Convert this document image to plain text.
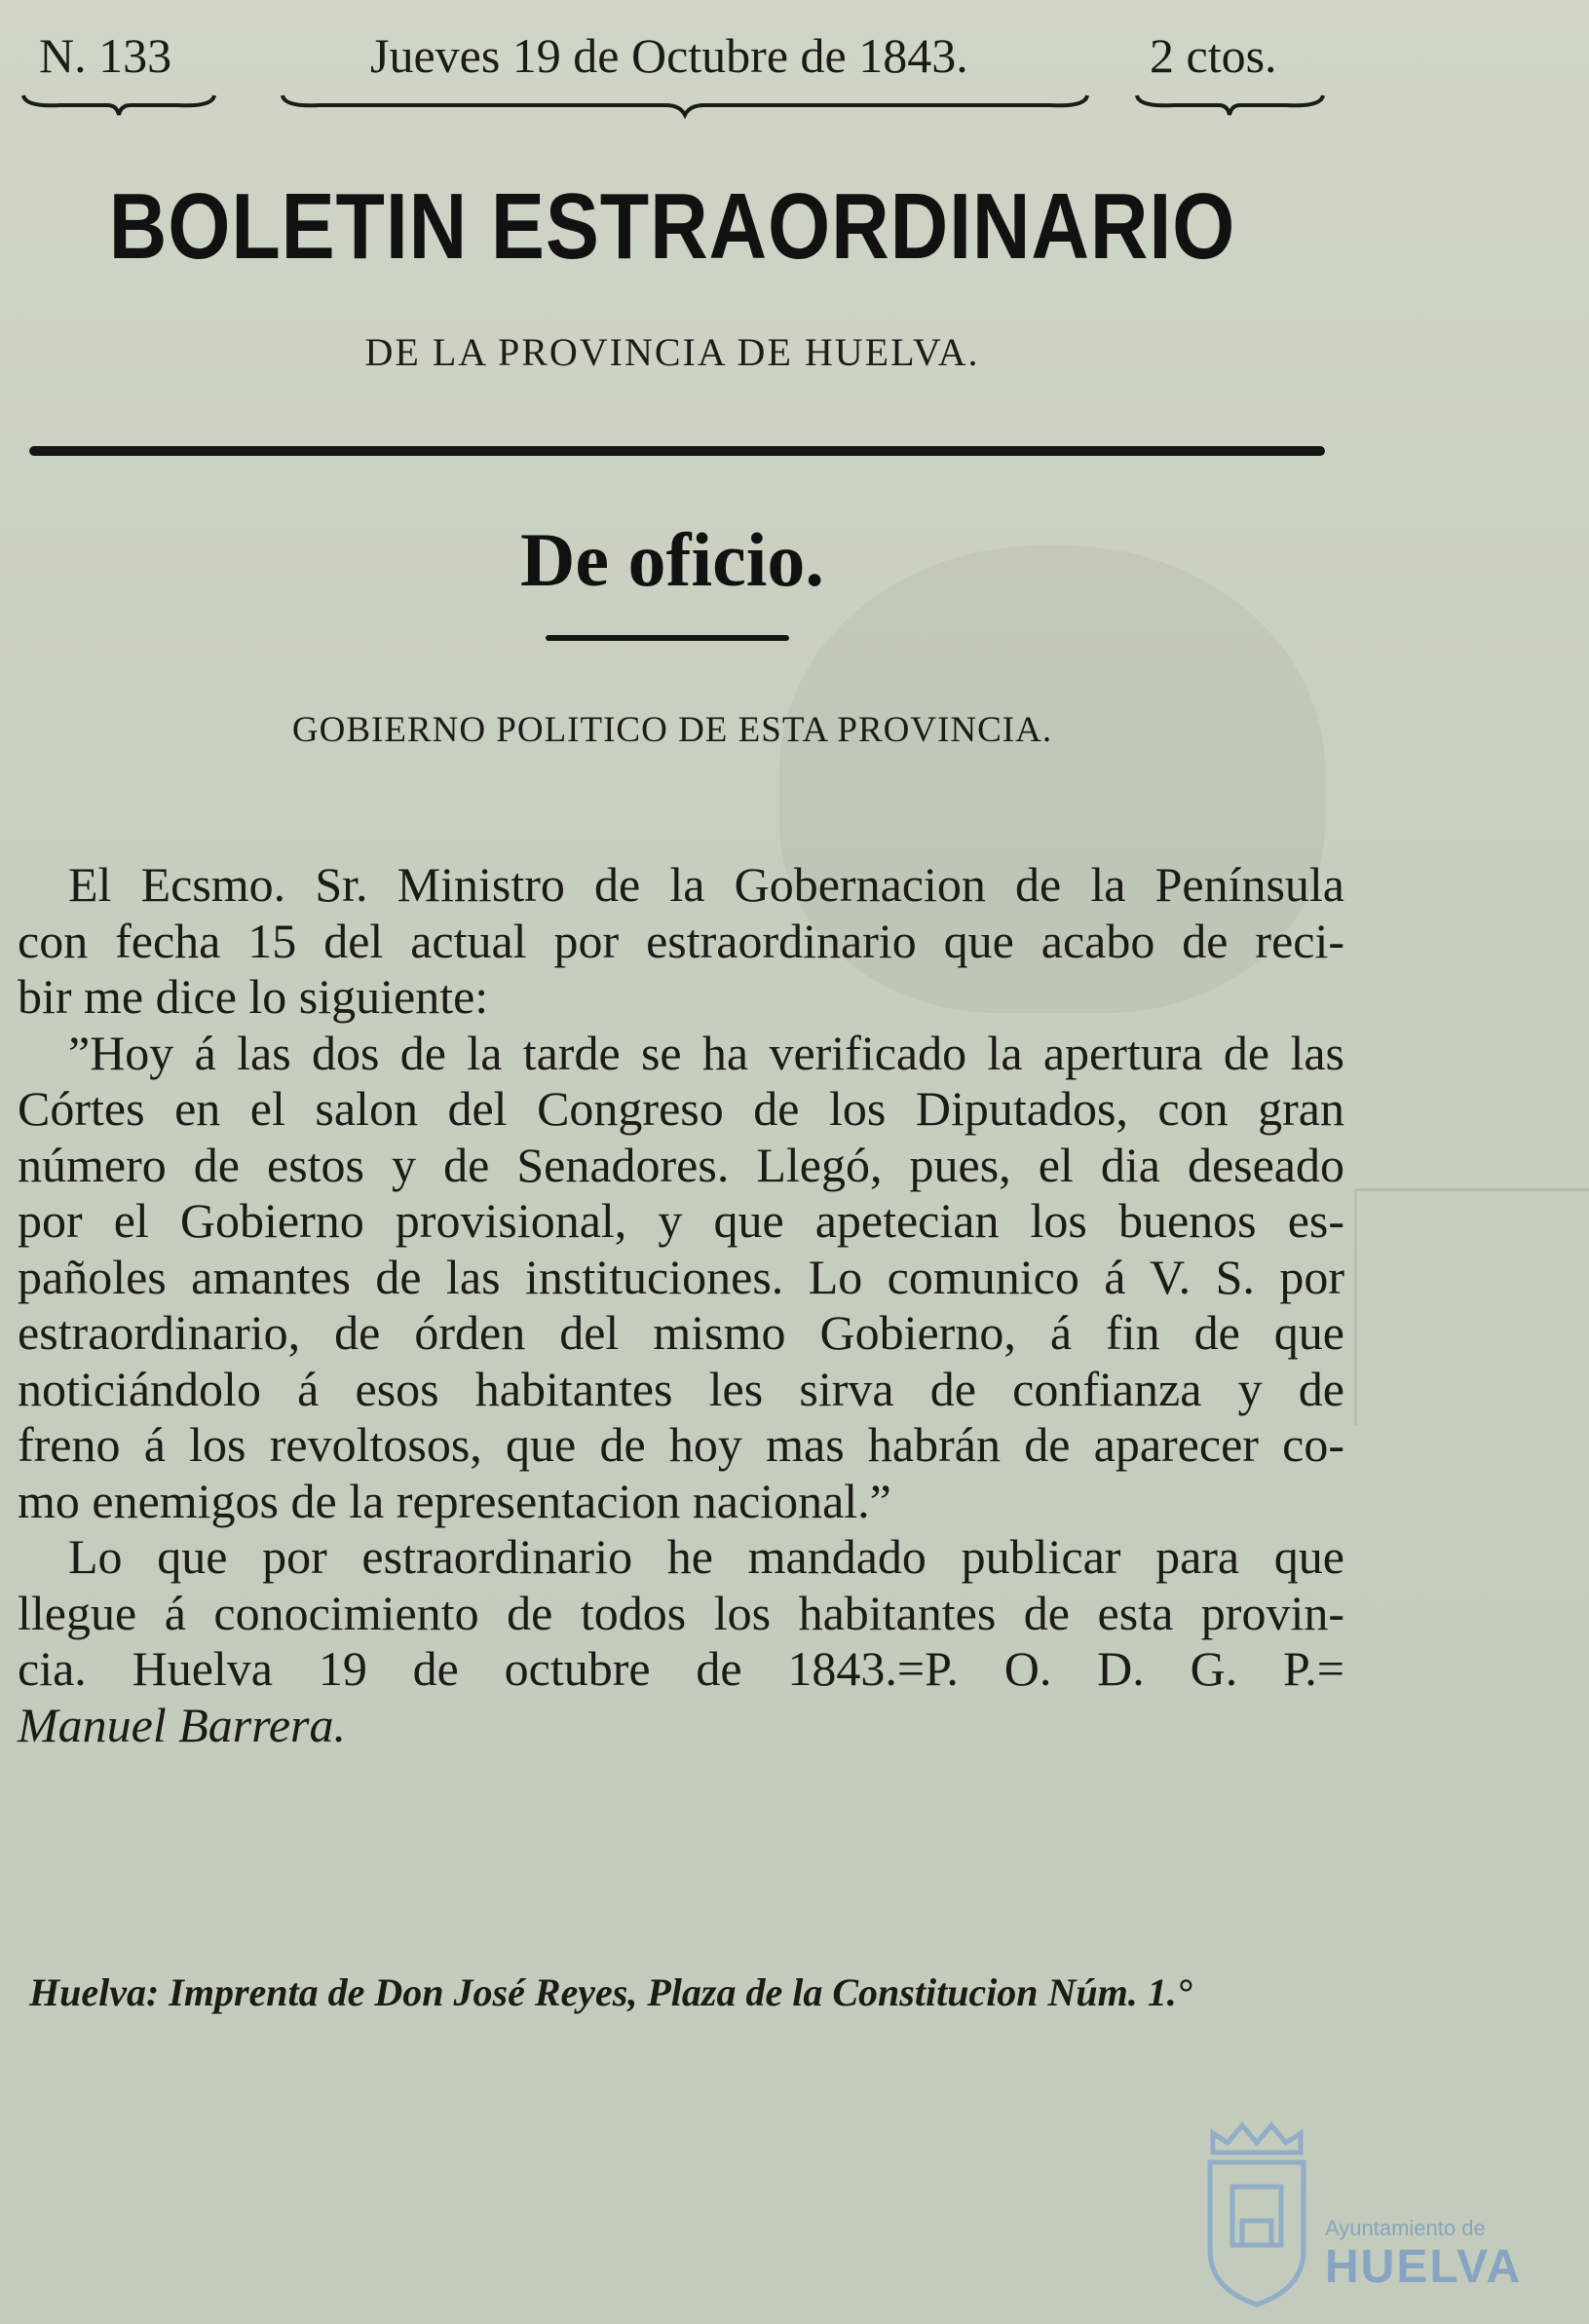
N. 133	Jueves 19 de Octubre de 1843.	2 ctos.
BOLETIN ESTRAORDINARIO
DE LA PROVINCIA DE HUELVA.
De oficio.
GOBIERNO POLITICO DE ESTA PROVINCIA.
El Ecsmo. Sr. Ministro de la Gobernacion de la Península
con fecha 15 del actual por estraordinario que acabo de reci-
bir me dice lo siguiente:
”Hoy á las dos de la tarde se ha verificado la apertura de las
Córtes en el salon del Congreso de los Diputados, con gran
número de estos y de Senadores. Llegó, pues, el dia deseado
por el Gobierno provisional, y que apetecian los buenos es-
pañoles amantes de las instituciones. Lo comunico á V. S. por
estraordinario, de órden del mismo Gobierno, á fin de que
noticiándolo á esos habitantes les sirva de confianza y de
freno á los revoltosos, que de hoy mas habrán de aparecer co-
mo enemigos de la representacion nacional.”
Lo que por estraordinario he mandado publicar para que
llegue á conocimiento de todos los habitantes de esta provin-
cia. Huelva 19 de octubre de 1843.=P. O. D. G. P.=
Manuel Barrera.
Huelva: Imprenta de Don José Reyes, Plaza de la Constitucion Núm. 1.°
Ayuntamiento de
HUELVA
